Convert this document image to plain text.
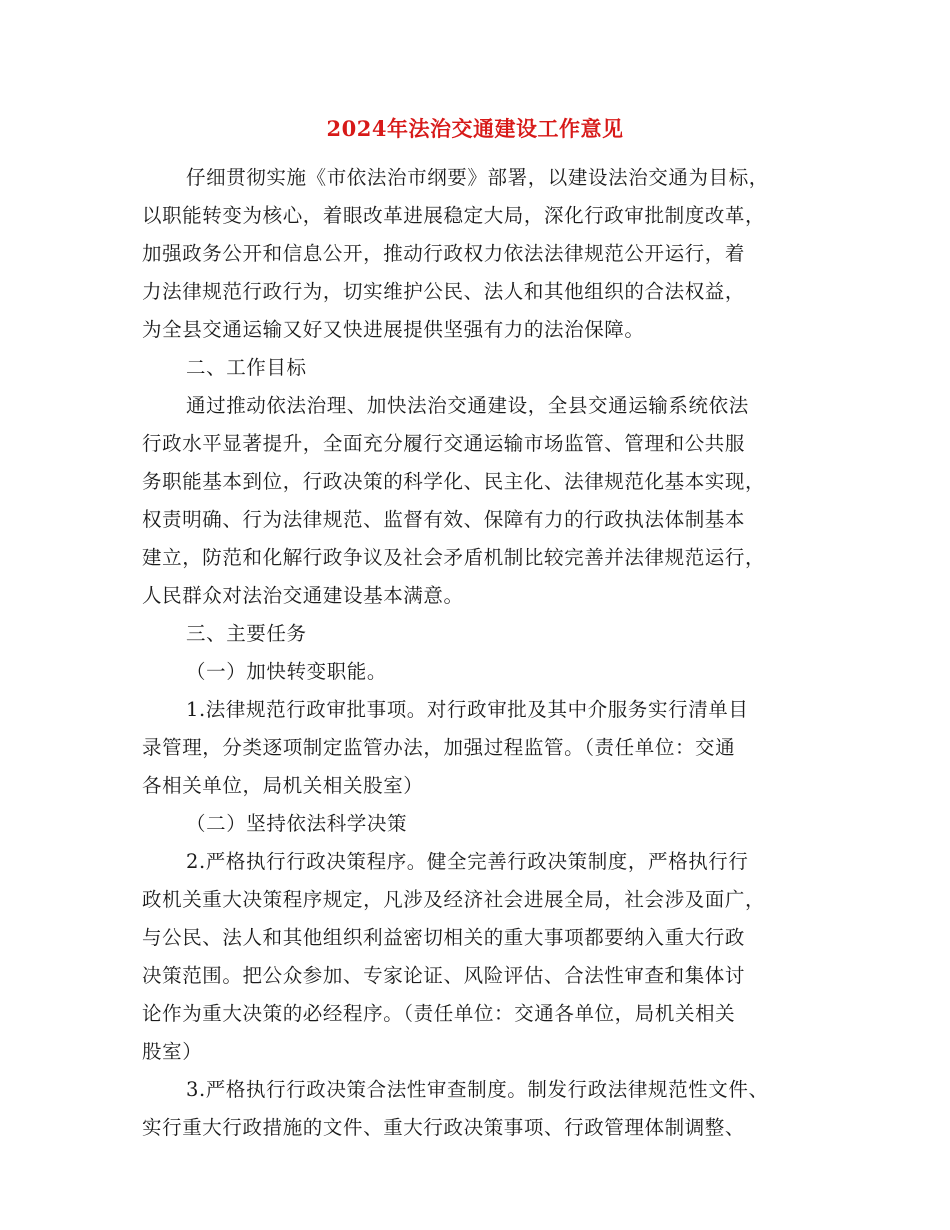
2024年法治交通建设工作意见
仔细贯彻实施《市依法治市纲要》部署，以建设法治交通为目标，
以职能转变为核心，着眼改革进展稳定大局，深化行政审批制度改革，
加强政务公开和信息公开，推动行政权力依法法律规范公开运行，着
力法律规范行政行为，切实维护公民、法人和其他组织的合法权益，
为全县交通运输又好又快进展提供坚强有力的法治保障。
二、工作目标
通过推动依法治理、加快法治交通建设，全县交通运输系统依法
行政水平显著提升，全面充分履行交通运输市场监管、管理和公共服
务职能基本到位，行政决策的科学化、民主化、法律规范化基本实现，
权责明确、行为法律规范、监督有效、保障有力的行政执法体制基本
建立，防范和化解行政争议及社会矛盾机制比较完善并法律规范运行，
人民群众对法治交通建设基本满意。
三、主要任务
（一）加快转变职能。
1.法律规范行政审批事项。对行政审批及其中介服务实行清单目
录管理，分类逐项制定监管办法，加强过程监管。（责任单位：交通
各相关单位，局机关相关股室）
（二）坚持依法科学决策
2.严格执行行政决策程序。健全完善行政决策制度，严格执行行
政机关重大决策程序规定，凡涉及经济社会进展全局，社会涉及面广，
与公民、法人和其他组织利益密切相关的重大事项都要纳入重大行政
决策范围。把公众参加、专家论证、风险评估、合法性审查和集体讨
论作为重大决策的必经程序。（责任单位：交通各单位，局机关相关
股室）
3.严格执行行政决策合法性审查制度。制发行政法律规范性文件、
实行重大行政措施的文件、重大行政决策事项、行政管理体制调整、
